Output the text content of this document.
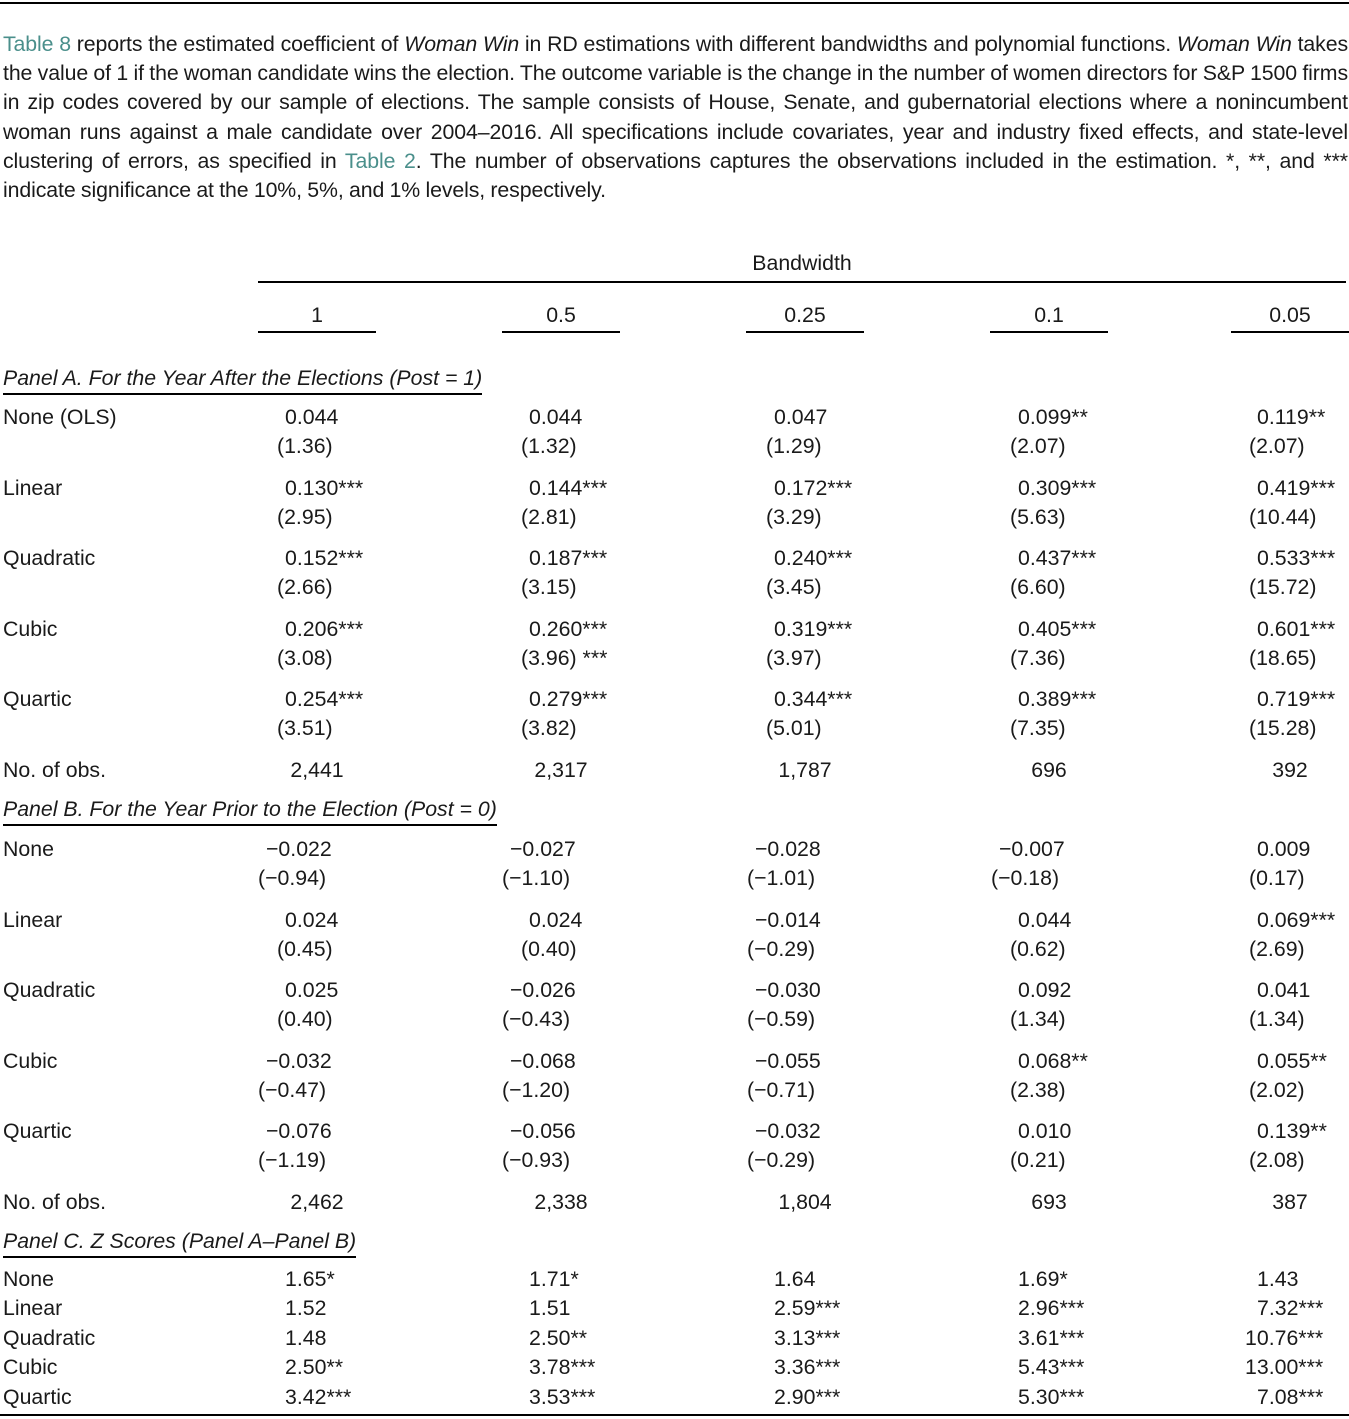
Table 8 reports the estimated coefficient of Woman Win in RD estimations with different bandwidths and polynomial functions. Woman Win takes the value of 1 if the woman candidate wins the election. The outcome variable is the change in the number of women directors for S&P 1500 firms in zip codes covered by our sample of elections. The sample consists of House, Senate, and gubernatorial elections where a nonincumbent woman runs against a male candidate over 2004–2016. All specifications include covariates, year and industry fixed effects, and state-level clustering of errors, as specified in Table 2. The number of observations captures the observations included in the estimation. *, **, and *** indicate significance at the 10%, 5%, and 1% levels, respectively.
Bandwidth
1	0.5	0.25	0.1	0.05
Panel A. For the Year After the Elections (Post = 1)
None (OLS)	0.044	0.044	0.047	0.099**	0.119**
(1.36)	(1.32)	(1.29)	(2.07)	(2.07)
Linear	0.130***	0.144***	0.172***	0.309***	0.419***
(2.95)	(2.81)	(3.29)	(5.63)	(10.44)
Quadratic	0.152***	0.187***	0.240***	0.437***	0.533***
(2.66)	(3.15)	(3.45)	(6.60)	(15.72)
Cubic	0.206***	0.260***	0.319***	0.405***	0.601***
(3.08)	(3.96) ***	(3.97)	(7.36)	(18.65)
Quartic	0.254***	0.279***	0.344***	0.389***	0.719***
(3.51)	(3.82)	(5.01)	(7.35)	(15.28)
No. of obs.	2,441	2,317	1,787	696	392
Panel B. For the Year Prior to the Election (Post = 0)
None	−0.022	−0.027	−0.028	−0.007	0.009
(−0.94)	(−1.10)	(−1.01)	(−0.18)	(0.17)
Linear	0.024	0.024	−0.014	0.044	0.069***
(0.45)	(0.40)	(−0.29)	(0.62)	(2.69)
Quadratic	0.025	−0.026	−0.030	0.092	0.041
(0.40)	(−0.43)	(−0.59)	(1.34)	(1.34)
Cubic	−0.032	−0.068	−0.055	0.068**	0.055**
(−0.47)	(−1.20)	(−0.71)	(2.38)	(2.02)
Quartic	−0.076	−0.056	−0.032	0.010	0.139**
(−1.19)	(−0.93)	(−0.29)	(0.21)	(2.08)
No. of obs.	2,462	2,338	1,804	693	387
Panel C. Z Scores (Panel A–Panel B)
None	1.65*	1.71*	1.64	1.69*	1.43
Linear	1.52	1.51	2.59***	2.96***	7.32***
Quadratic	1.48	2.50**	3.13***	3.61***	10.76***
Cubic	2.50**	3.78***	3.36***	5.43***	13.00***
Quartic	3.42***	3.53***	2.90***	5.30***	7.08***
